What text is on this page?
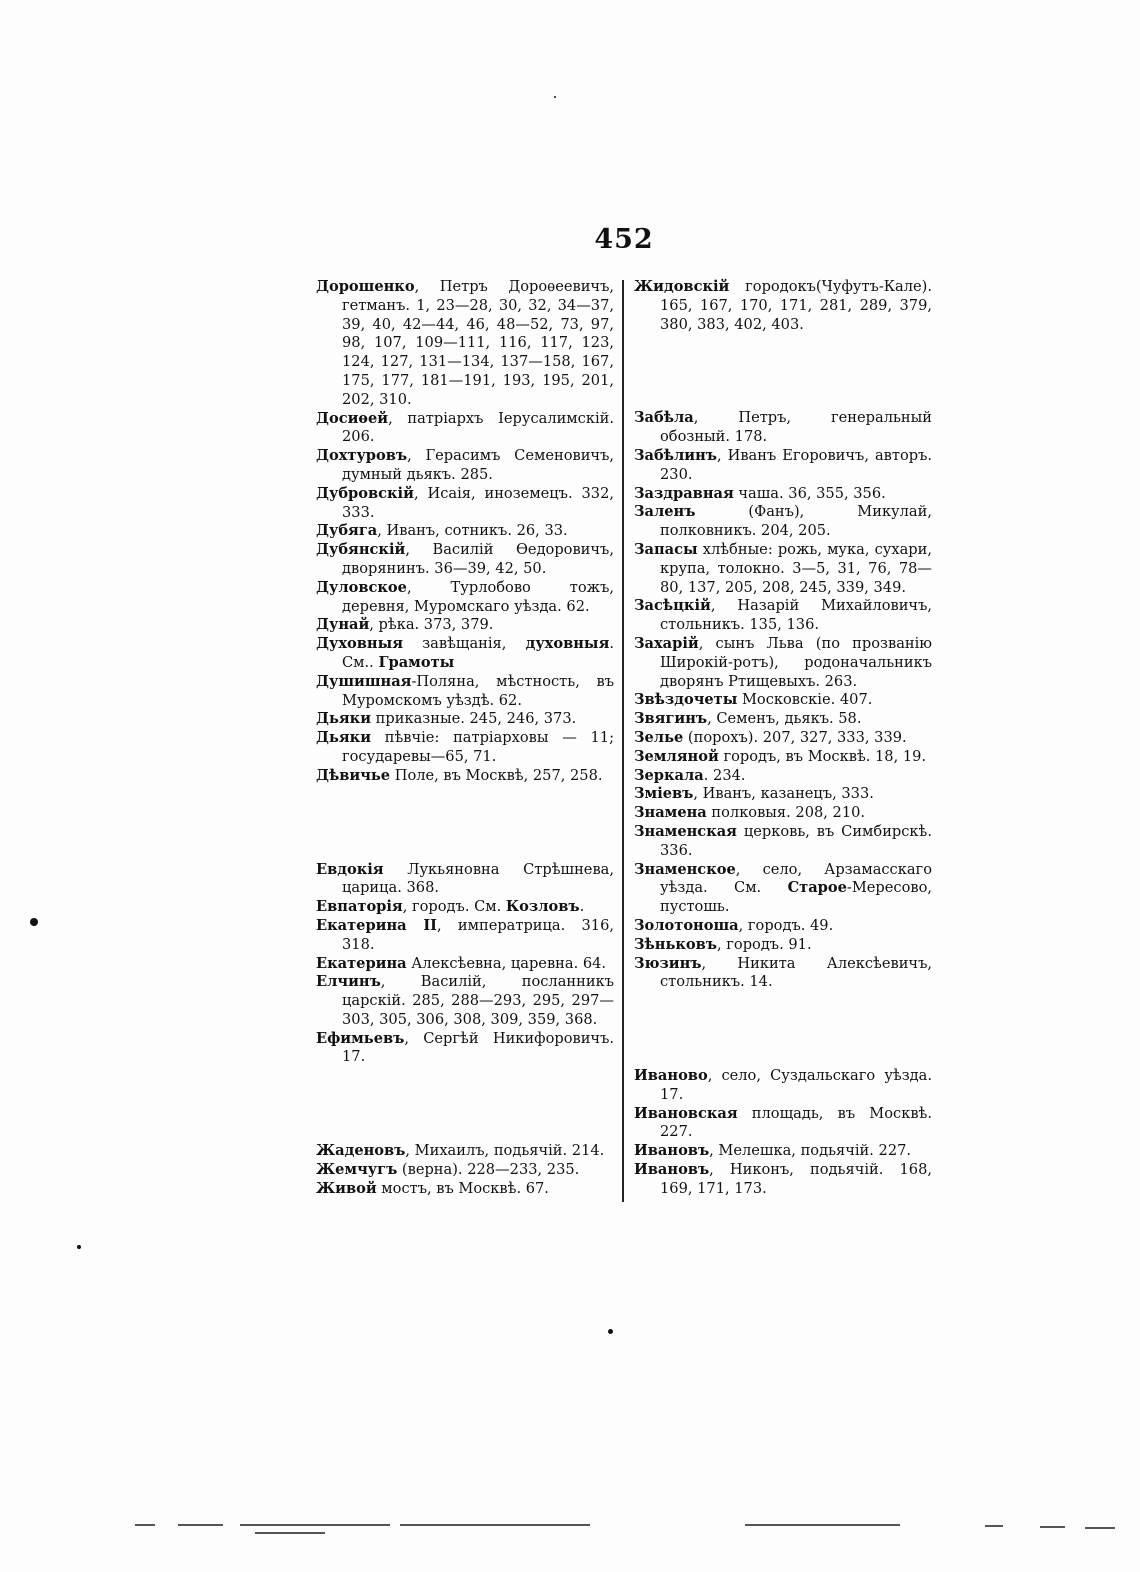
452
Дорошенко, Петръ Дороѳеевичъ, гетманъ. 1, 23—28, 30, 32, 34—37, 39, 40, 42—44, 46, 48—52, 73, 97, 98, 107, 109—111, 116, 117, 123, 124, 127, 131—134, 137—158, 167, 175, 177, 181—191, 193, 195, 201, 202, 310.
Досиѳей, патріархъ Іерусалимскій. 206.
Дохтуровъ, Герасимъ Семеновичъ, думный дьякъ. 285.
Дубровскій, Исаія, иноземецъ. 332, 333.
Дубяга, Иванъ, сотникъ. 26, 33.
Дубянскій, Василій Ѳедоровичъ, дворянинъ. 36—39, 42, 50.
Дуловское, Турлобово тожъ, деревня, Муромскаго уѣзда. 62.
Дунай, рѣка. 373, 379.
Духовныя завѣщанія, духовныя. См.. Грамоты
Душишная-Поляна, мѣстность, въ Муромскомъ уѣздѣ. 62.
Дьяки приказные. 245, 246, 373.
Дьяки пѣвчіе: патріарховы — 11; государевы—65, 71.
Дѣвичье Поле, въ Москвѣ, 257, 258.
Евдокія Лукьяновна Стрѣшнева, царица. 368.
Евпаторія, городъ. См. Козловъ.
Екатерина II, императрица. 316, 318.
Екатерина Алексѣевна, царевна. 64.
Елчинъ, Василій, посланникъ царскій. 285, 288—293, 295, 297—303, 305, 306, 308, 309, 359, 368.
Ефимьевъ, Сергѣй Никифоровичъ. 17.
Жаденовъ, Михаилъ, подьячій. 214.
Жемчугъ (верна). 228—233, 235.
Живой мостъ, въ Москвѣ. 67.
Жидовскій городокъ(Чуфутъ-Кале). 165, 167, 170, 171, 281, 289, 379, 380, 383, 402, 403.
Забѣла, Петръ, генеральный обозный. 178.
Забѣлинъ, Иванъ Егоровичъ, авторъ. 230.
Заздравная чаша. 36, 355, 356.
Заленъ (Фанъ), Микулай, полковникъ. 204, 205.
Запасы хлѣбные: рожь, мука, сухари, крупа, толокно. 3—5, 31, 76, 78—80, 137, 205, 208, 245, 339, 349.
Засѣцкій, Назарій Михайловичъ, стольникъ. 135, 136.
Захарій, сынъ Льва (по прозванію Широкій-ротъ), родоначальникъ дворянъ Ртищевыхъ. 263.
Звѣздочеты Московскіе. 407.
Звягинъ, Семенъ, дьякъ. 58.
Зелье (порохъ). 207, 327, 333, 339.
Земляной городъ, въ Москвѣ. 18, 19.
Зеркала. 234.
Зміевъ, Иванъ, казанецъ, 333.
Знамена полковыя. 208, 210.
Знаменская церковь, въ Симбирскѣ. 336.
Знаменское, село, Арзамасскаго уѣзда. См. Старое-Мересово, пустошь.
Золотоноша, городъ. 49.
Зѣньковъ, городъ. 91.
Зюзинъ, Никита Алексѣевичъ, стольникъ. 14.
Иваново, село, Суздальскаго уѣзда. 17.
Ивановская площадь, въ Москвѣ. 227.
Ивановъ, Мелешка, подьячій. 227.
Ивановъ, Никонъ, подьячій. 168, 169, 171, 173.
